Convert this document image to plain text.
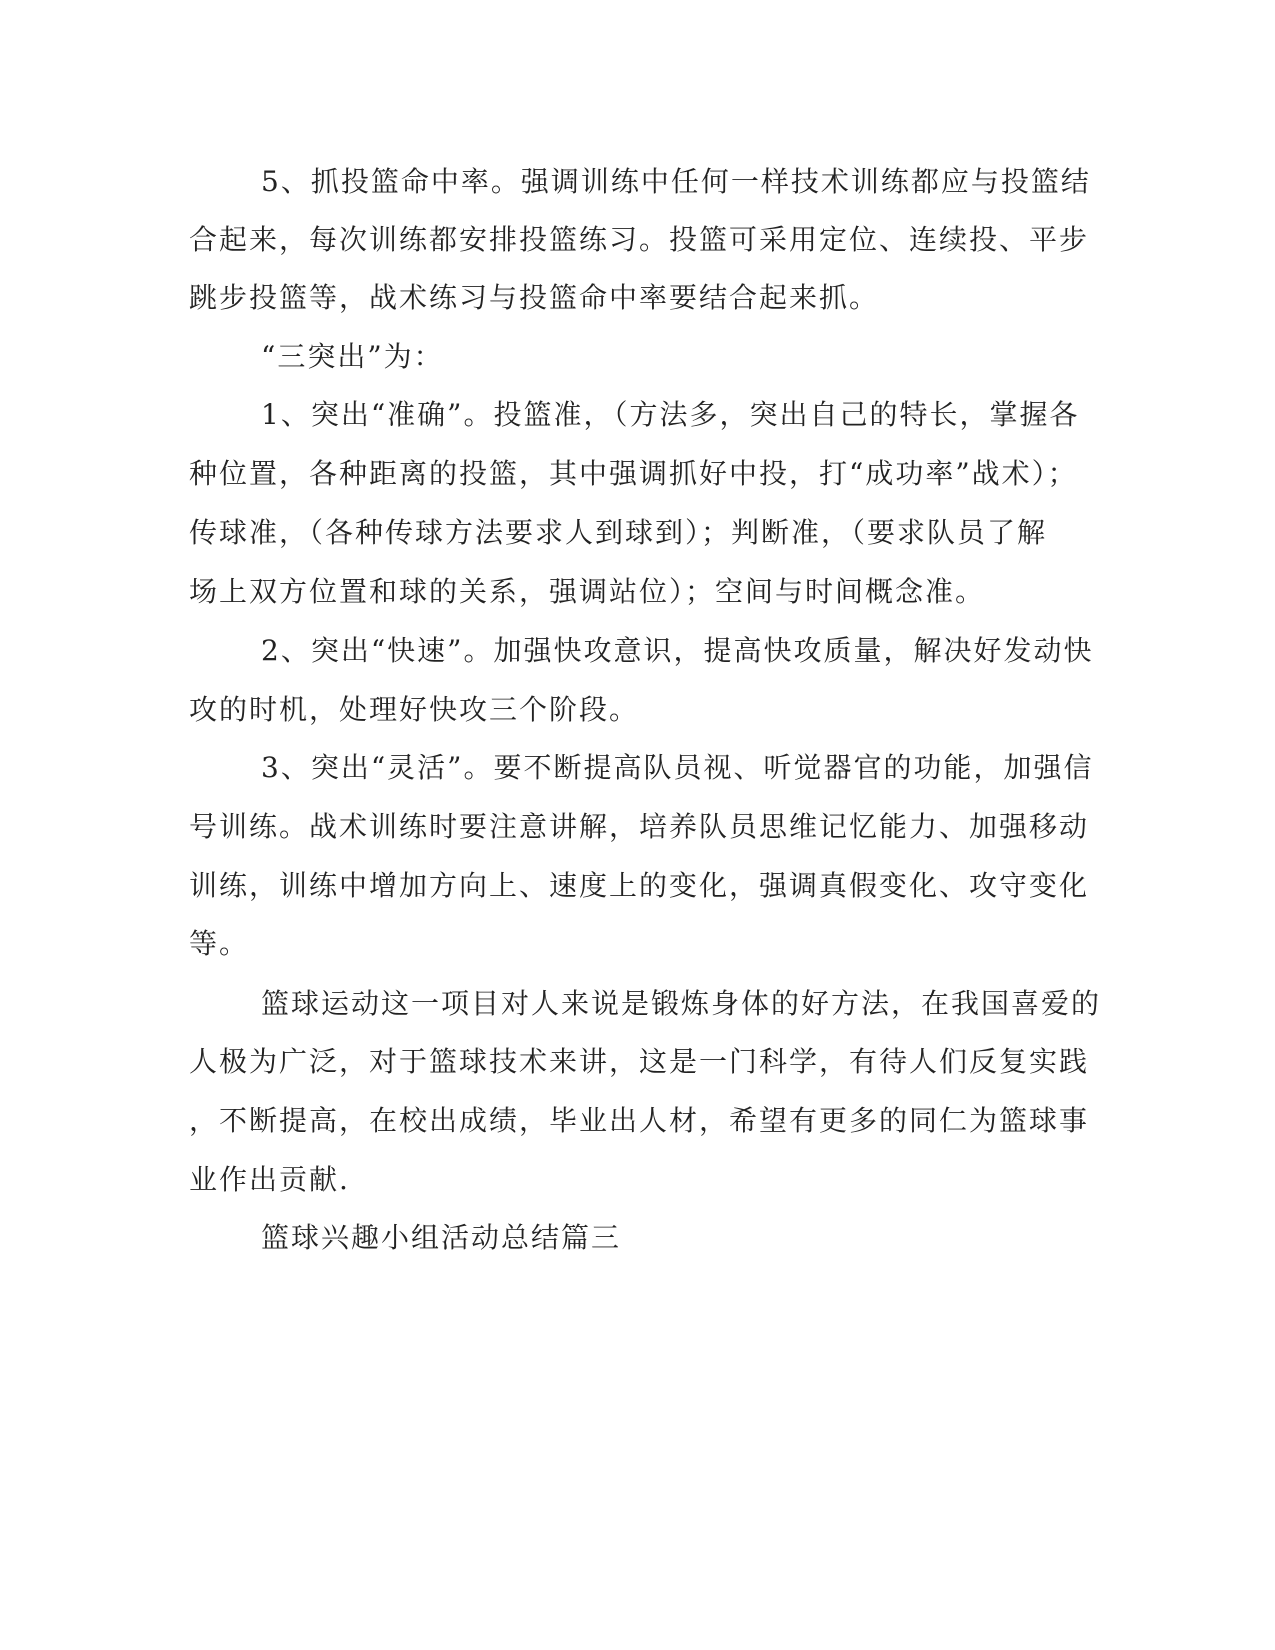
5、抓投篮命中率。强调训练中任何一样技术训练都应与投篮结
合起来，每次训练都安排投篮练习。投篮可采用定位、连续投、平步
跳步投篮等，战术练习与投篮命中率要结合起来抓。
“三突出”为：
1、突出“准确”。投篮准，（方法多，突出自己的特长，掌握各
种位置，各种距离的投篮，其中强调抓好中投，打“成功率”战术）；
传球准，（各种传球方法要求人到球到）；判断准，（要求队员了解
场上双方位置和球的关系，强调站位）；空间与时间概念准。
2、突出“快速”。加强快攻意识，提高快攻质量，解决好发动快
攻的时机，处理好快攻三个阶段。
3、突出“灵活”。要不断提高队员视、听觉器官的功能，加强信
号训练。战术训练时要注意讲解，培养队员思维记忆能力、加强移动
训练，训练中增加方向上、速度上的变化，强调真假变化、攻守变化
等。
篮球运动这一项目对人来说是锻炼身体的好方法，在我国喜爱的
人极为广泛，对于篮球技术来讲，这是一门科学，有待人们反复实践
，不断提高，在校出成绩，毕业出人材，希望有更多的同仁为篮球事
业作出贡献.
篮球兴趣小组活动总结篇三
